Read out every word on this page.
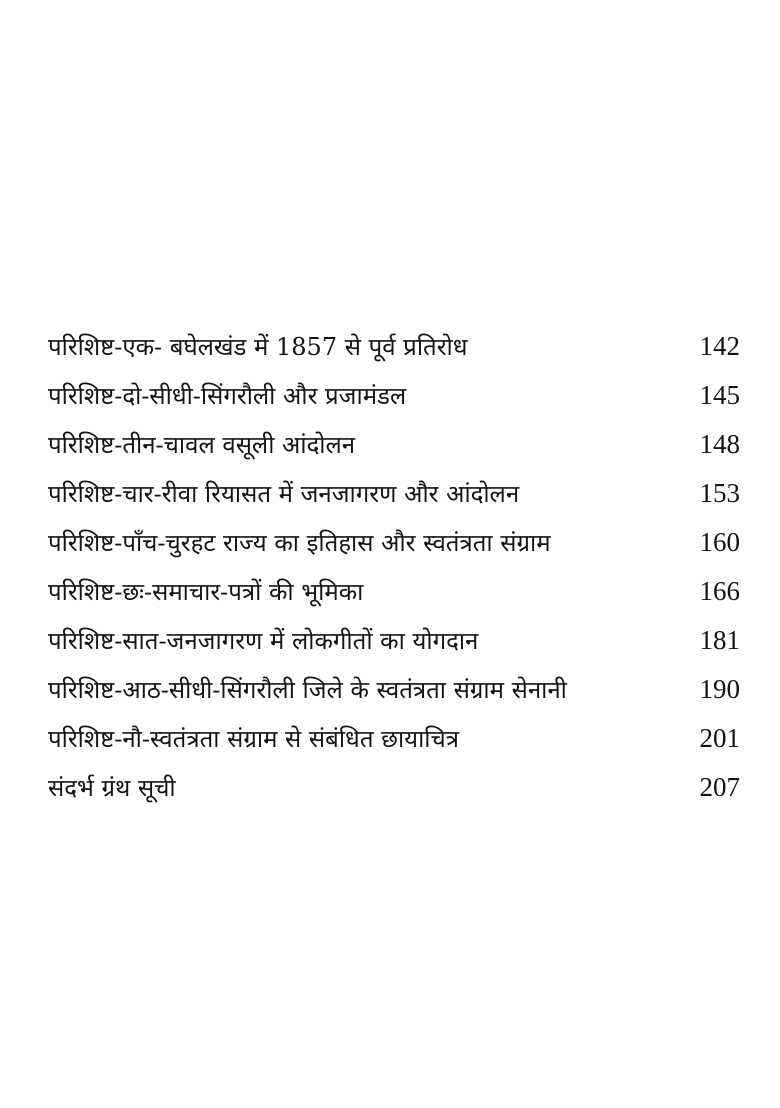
परिशिष्ट-एक- बघेलखंड में 1857 से पूर्व प्रतिरोध	142
परिशिष्ट-दो-सीधी-सिंगरौली और प्रजामंडल	145
परिशिष्ट-तीन-चावल वसूली आंदोलन	148
परिशिष्ट-चार-रीवा रियासत में जनजागरण और आंदोलन	153
परिशिष्ट-पाँच-चुरहट राज्य का इतिहास और स्वतंत्रता संग्राम	160
परिशिष्ट-छः-समाचार-पत्रों की भूमिका	166
परिशिष्ट-सात-जनजागरण में लोकगीतों का योगदान	181
परिशिष्ट-आठ-सीधी-सिंगरौली जिले के स्वतंत्रता संग्राम सेनानी	190
परिशिष्ट-नौ-स्वतंत्रता संग्राम से संबंधित छायाचित्र	201
संदर्भ ग्रंथ सूची	207
